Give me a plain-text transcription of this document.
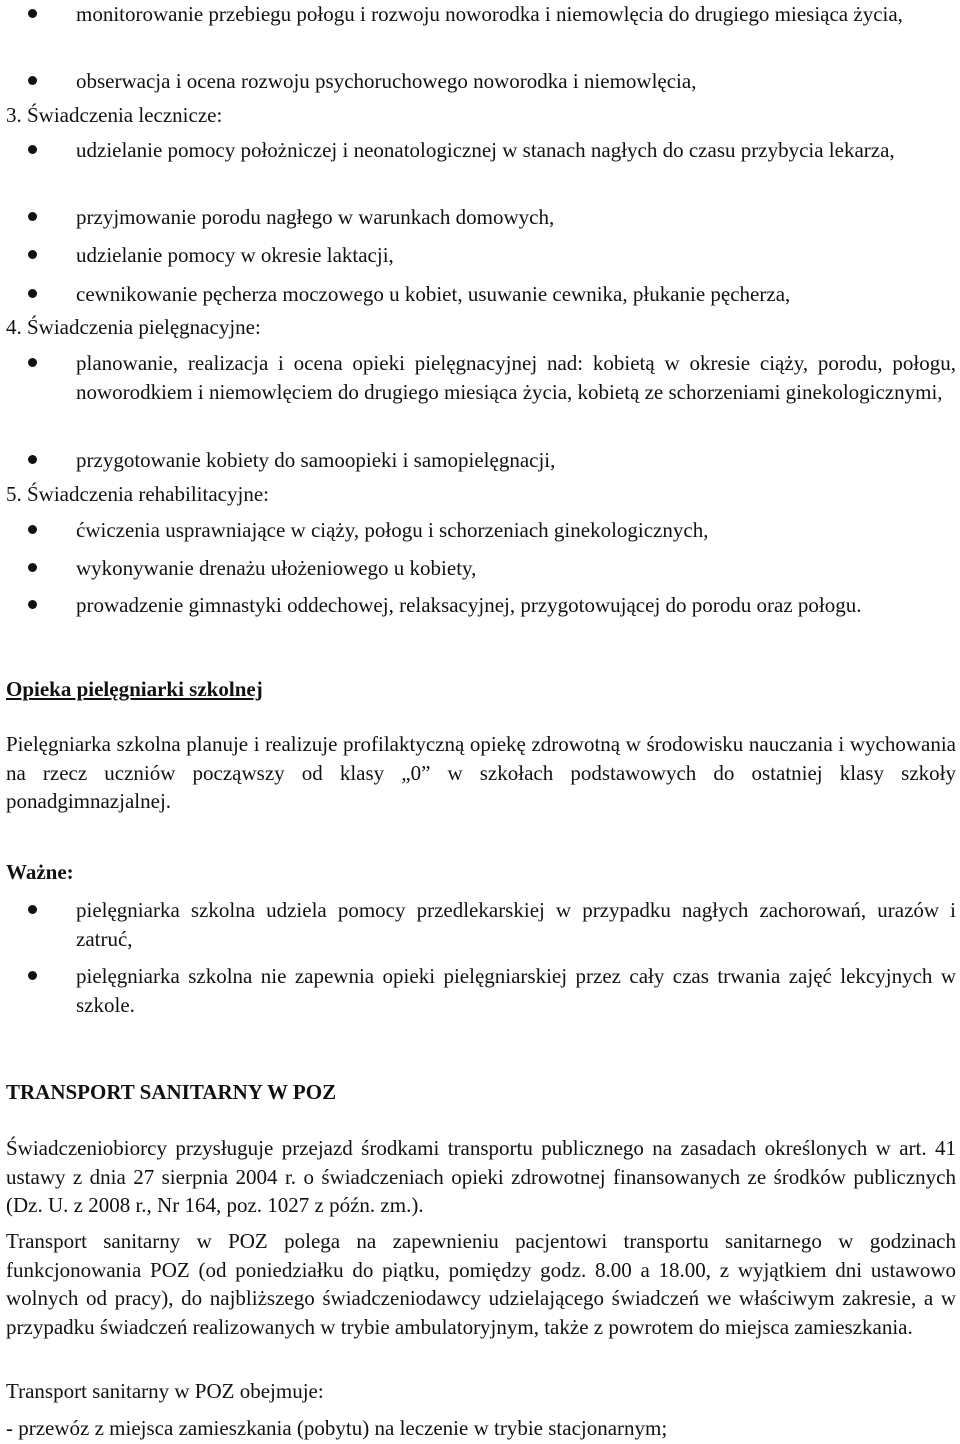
monitorowanie przebiegu połogu i rozwoju noworodka i niemowlęcia do drugiego miesiąca życia,
obserwacja i ocena rozwoju psychoruchowego noworodka i niemowlęcia,
3. Świadczenia lecznicze:
udzielanie pomocy położniczej i neonatologicznej w stanach nagłych do czasu przybycia lekarza,
przyjmowanie porodu nagłego w warunkach domowych,
udzielanie pomocy w okresie laktacji,
cewnikowanie pęcherza moczowego u kobiet, usuwanie cewnika, płukanie pęcherza,
4. Świadczenia pielęgnacyjne:
planowanie, realizacja i ocena opieki pielęgnacyjnej nad: kobietą w okresie ciąży, porodu, połogu, noworodkiem i niemowlęciem do drugiego miesiąca życia, kobietą ze schorzeniami ginekologicznymi,
przygotowanie kobiety do samoopieki i samopielęgnacji,
5. Świadczenia rehabilitacyjne:
ćwiczenia usprawniające w ciąży, połogu i schorzeniach ginekologicznych,
wykonywanie drenażu ułożeniowego u kobiety,
prowadzenie gimnastyki oddechowej, relaksacyjnej, przygotowującej do porodu oraz połogu.
Opieka pielęgniarki szkolnej
Pielęgniarka szkolna planuje i realizuje profilaktyczną opiekę zdrowotną w środowisku nauczania i wychowania na rzecz uczniów począwszy od klasy „0” w szkołach podstawowych do ostatniej klasy szkoły ponadgimnazjalnej.
Ważne:
pielęgniarka szkolna udziela pomocy przedlekarskiej w przypadku nagłych zachorowań, urazów i zatruć,
pielęgniarka szkolna nie zapewnia opieki pielęgniarskiej przez cały czas trwania zajęć lekcyjnych w szkole.
TRANSPORT SANITARNY W POZ
Świadczeniobiorcy przysługuje przejazd środkami transportu publicznego na zasadach określonych w art. 41 ustawy z dnia 27 sierpnia 2004 r. o świadczeniach opieki zdrowotnej finansowanych ze środków publicznych (Dz. U. z 2008 r., Nr 164, poz. 1027 z późn. zm.).
Transport sanitarny w POZ polega na zapewnieniu pacjentowi transportu sanitarnego w godzinach funkcjonowania POZ (od poniedziałku do piątku, pomiędzy godz. 8.00 a 18.00, z wyjątkiem dni ustawowo wolnych od pracy), do najbliższego świadczeniodawcy udzielającego świadczeń we właściwym zakresie, a w przypadku świadczeń realizowanych w trybie ambulatoryjnym, także z powrotem do miejsca zamieszkania.
Transport sanitarny w POZ obejmuje:
- przewóz z miejsca zamieszkania (pobytu) na leczenie w trybie stacjonarnym;
